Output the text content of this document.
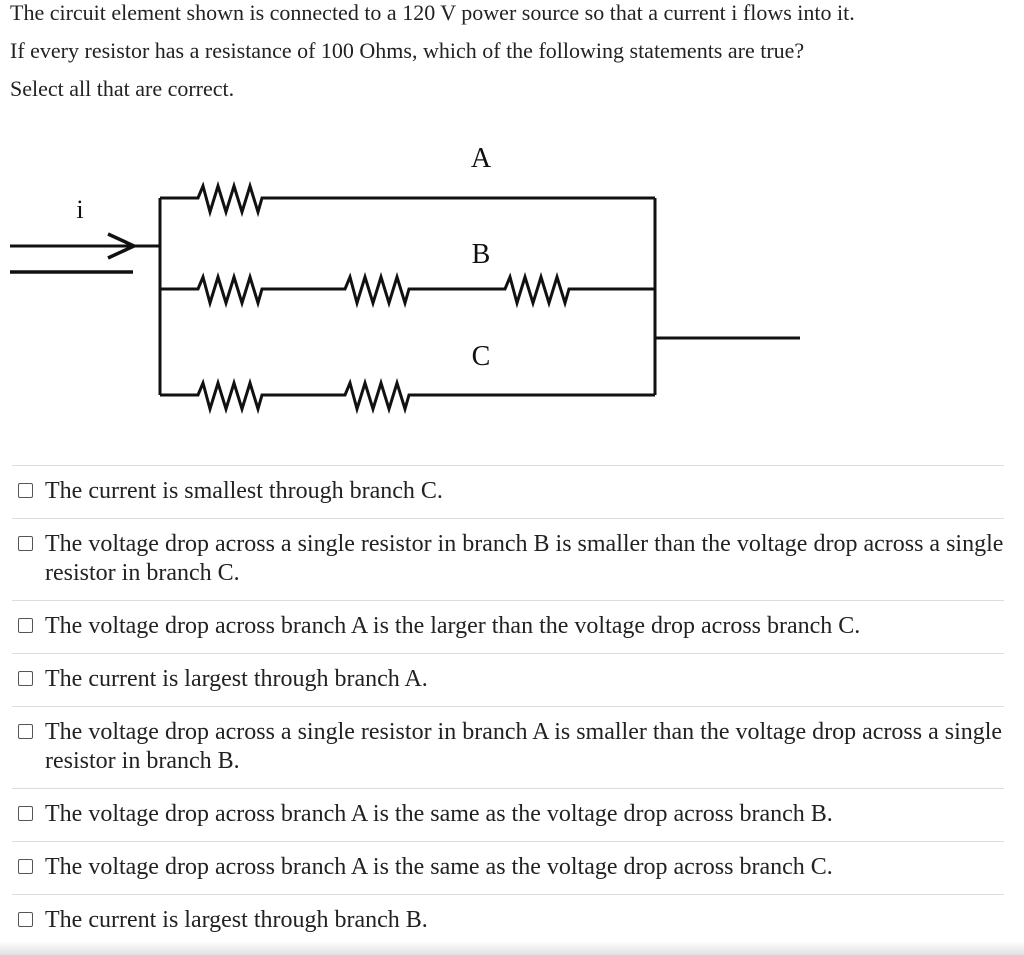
The circuit element shown is connected to a 120 V power source so that a current i flows into it.

If every resistor has a resistance of 100 Ohms, which of the following statements are true?

Select all that are correct.

i
A
B
C
The current is smallest through branch C.
The voltage drop across a single resistor in branch B is smaller than the voltage drop across a single resistor in branch C.
The voltage drop across branch A is the larger than the voltage drop across branch C.
The current is largest through branch A.
The voltage drop across a single resistor in branch A is smaller than the voltage drop across a single resistor in branch B.
The voltage drop across branch A is the same as the voltage drop across branch B.
The voltage drop across branch A is the same as the voltage drop across branch C.
The current is largest through branch B.
